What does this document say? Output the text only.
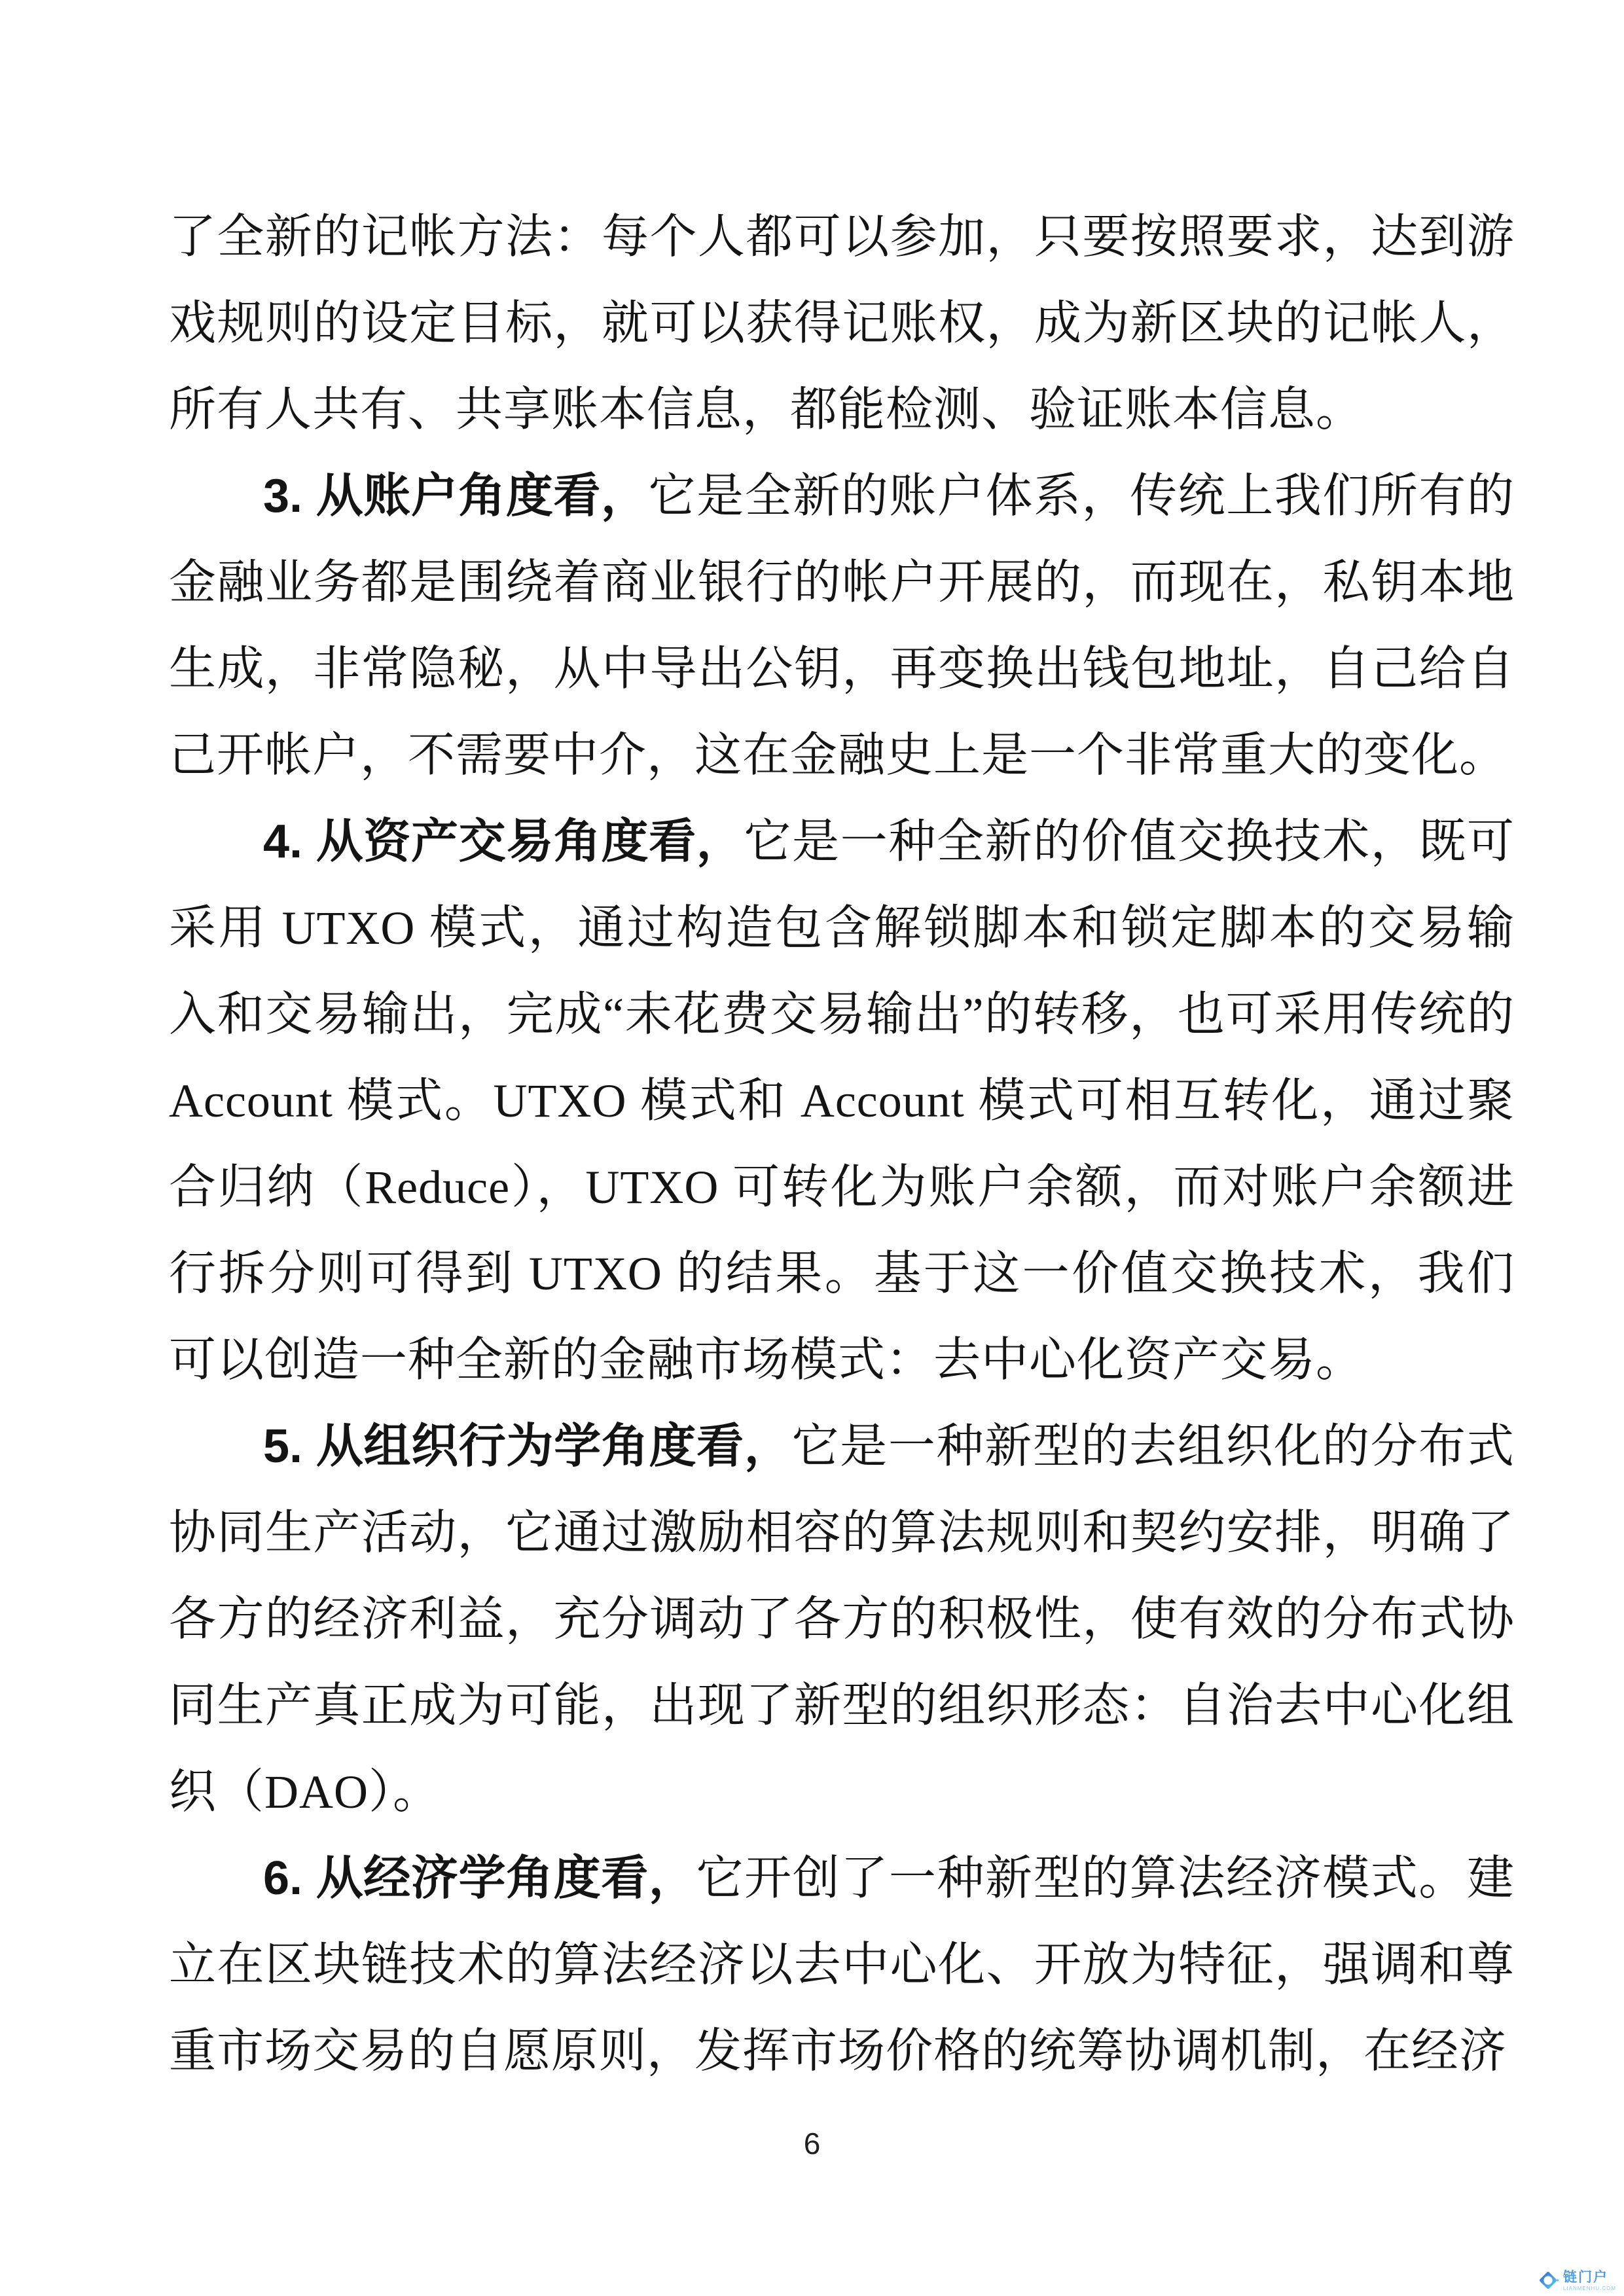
了全新的记帐方法：每个人都可以参加，只要按照要求，达到游戏规则的设定目标，就可以获得记账权，成为新区块的记帐人，所有人共有、共享账本信息，都能检测、验证账本信息。

3. 从账户角度看，它是全新的账户体系，传统上我们所有的金融业务都是围绕着商业银行的帐户开展的，而现在，私钥本地生成，非常隐秘，从中导出公钥，再变换出钱包地址，自己给自己开帐户，不需要中介，这在金融史上是一个非常重大的变化。

4. 从资产交易角度看，它是一种全新的价值交换技术，既可采用 UTXO 模式，通过构造包含解锁脚本和锁定脚本的交易输入和交易输出，完成“未花费交易输出”的转移，也可采用传统的 Account 模式。UTXO 模式和 Account 模式可相互转化，通过聚合归纳（Reduce），UTXO 可转化为账户余额，而对账户余额进行拆分则可得到 UTXO 的结果。基于这一价值交换技术，我们可以创造一种全新的金融市场模式：去中心化资产交易。

5. 从组织行为学角度看，它是一种新型的去组织化的分布式协同生产活动，它通过激励相容的算法规则和契约安排，明确了各方的经济利益，充分调动了各方的积极性，使有效的分布式协同生产真正成为可能，出现了新型的组织形态：自治去中心化组织（DAO）。

6. 从经济学角度看，它开创了一种新型的算法经济模式。建立在区块链技术的算法经济以去中心化、开放为特征，强调和尊重市场交易的自愿原则，发挥市场价格的统筹协调机制，在经济

6
链门户
LIANMENHU.COM
